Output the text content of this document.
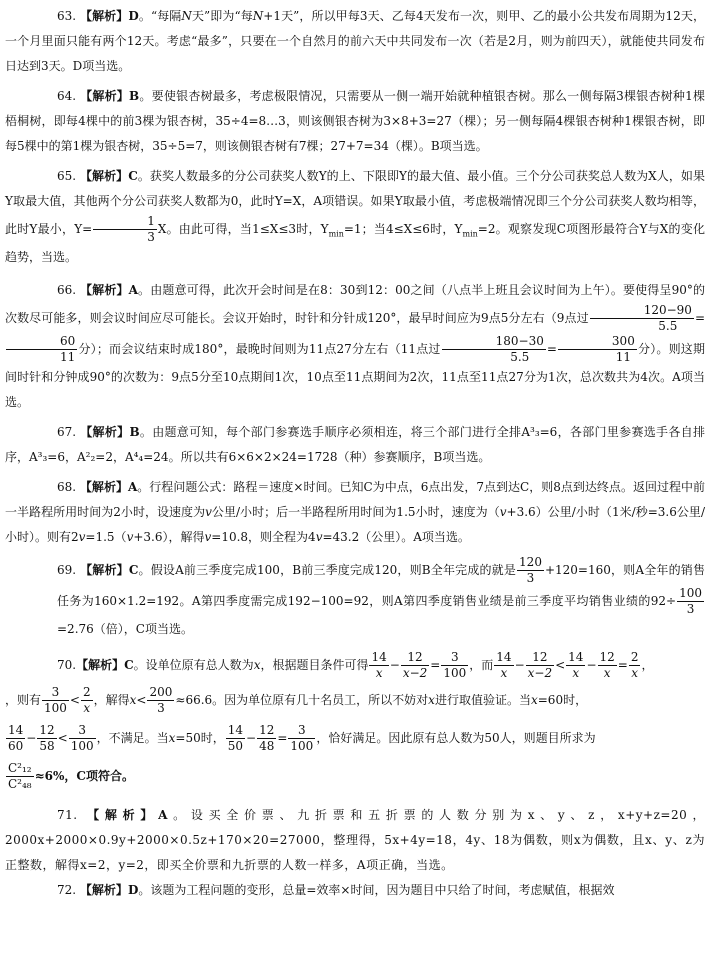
63. 【解析】D。“每隔N天”即为“每N+1天”，所以甲每3天、乙每4天发布一次，则甲、乙的最小公共发布周期为12天，一个月里面只能有两个12天。考虑“最多”，只要在一个自然月的前六天中共同发布一次（若是2月，则为前四天），就能使共同发布日达到3天。D项当选。

64. 【解析】B。要使银杏树最多，考虑极限情况，只需要从一侧一端开始就种植银杏树。那么一侧每隔3棵银杏树种1棵梧桐树，即每4棵中的前3棵为银杏树，35÷4=8…3，则该侧银杏树为3×8+3=27（棵）；另一侧每隔4棵银杏树种1棵银杏树，即每5棵中的第1棵为银杏树，35÷5=7，则该侧银杏树有7棵；27+7=34（棵）。B项当选。

65. 【解析】C。获奖人数最多的分公司获奖人数Y的上、下限即Y的最大值、最小值。三个分公司获奖总人数为X人，如果Y取最大值，其他两个分公司获奖人数都为0，此时Y=X，A项错误。如果Y取最小值，考虑极端情况即三个分公司获奖人数均相等，此时Y最小，$Y= \frac{1}{3}$ X。由此可得，当1≤X≤3时，$Y_{min}=1$；当4≤X≤6时，$Y_{min}=2$。观察发现C项图形最符合Y与X的变化趋势，当选。

66. 【解析】A。由题意可得，此次开会时间是在8：30到12：00之间（八点半上班且会议时间为上午）。要使得呈90°的次数尽可能多，则会议时间应尽可能长。会议开始时，时针和分针成120°，最早时间应为9点5分左右（9点过 $\frac{120-90}{5.5}$ =
$\frac{60}{11}$ 分）；而会议结束时成180°，最晚时间则为11点27分左右（11点过 $\frac{180-30}{5.5} = \frac{300}{11}$ 分）。则这期间时针和分钟成90°的次数为：9点5分至10点期间1次，10点至11点期间为2次，11点至11点27分为1次，总次数共为4次。A项当选。

67. 【解析】B。由题意可知，每个部门参赛选手顺序必须相连，将三个部门进行全排A³₃=6，各部门里参赛选手各自排序，A³₃=6，A²₂=2，A⁴₄=24。所以共有6×6×2×24=1728（种）参赛顺序，B项当选。

68. 【解析】A。行程问题公式：路程＝速度×时间。已知C为中点，6点出发，7点到达C，则8点到达终点。返回过程中前一半路程所用时间为2小时，设速度为v公里/小时；后一半路程所用时间为1.5小时，速度为（v+3.6）公里/小时（1米/秒=3.6公里/小时）。则有2v=1.5（v+3.6），解得v=10.8，则全程为4v=43.2（公里）。A项当选。

69. 【解析】C。假设A前三季度完成100，B前三季度完成120，则B全年完成的就是 $\frac{120}{3} +120=160$，则A全年的销售任务为160×1.2=192。A第四季度需完成192−100=92，则A第四季度销售业绩是前三季度平均销售业绩的$92\div \frac{100}{3}$
=2.76（倍），C项当选。

70.【解析】C。设单位原有总人数为x，根据题目条件可得 $\frac{14}{x} - \frac{12}{x-2} = \frac{3}{100}$ ，而 $\frac{14}{x} - \frac{12}{x-2} < \frac{14}{x} - \frac{12}{x} = \frac{2}{x}$ ，

，则有 $\frac{3}{100} < \frac{2}{x}$ ，解得$x< \frac{200}{3} \approx 66.6$。因为单位原有几十名员工，所以不妨对x进行取值验证。当x=60时，

$\frac{14}{60} - \frac{12}{58} < \frac{3}{100}$ ，不满足。当x=50时， $\frac{14}{50} - \frac{12}{48} = \frac{3}{100}$ ，恰好满足。因此原有总人数为50人，则题目所求为

$\frac{\text{C²₁₂}}{\text{C²₄₈}} \approx 6\%$，C项符合。

71. 【解析】A。设买全价票、九折票和五折票的人数分别为x、y、z，x+y+z=20，2000x+2000×0.9y+2000×0.5z+170×20=27000，整理得，5x+4y=18，4y、18为偶数，则x为偶数，且x、y、z为正整数，解得x=2，y=2，即买全价票和九折票的人数一样多，A项正确，当选。

72. 【解析】D。该题为工程问题的变形，总量=效率×时间，因为题目中只给了时间，考虑赋值，根据效
